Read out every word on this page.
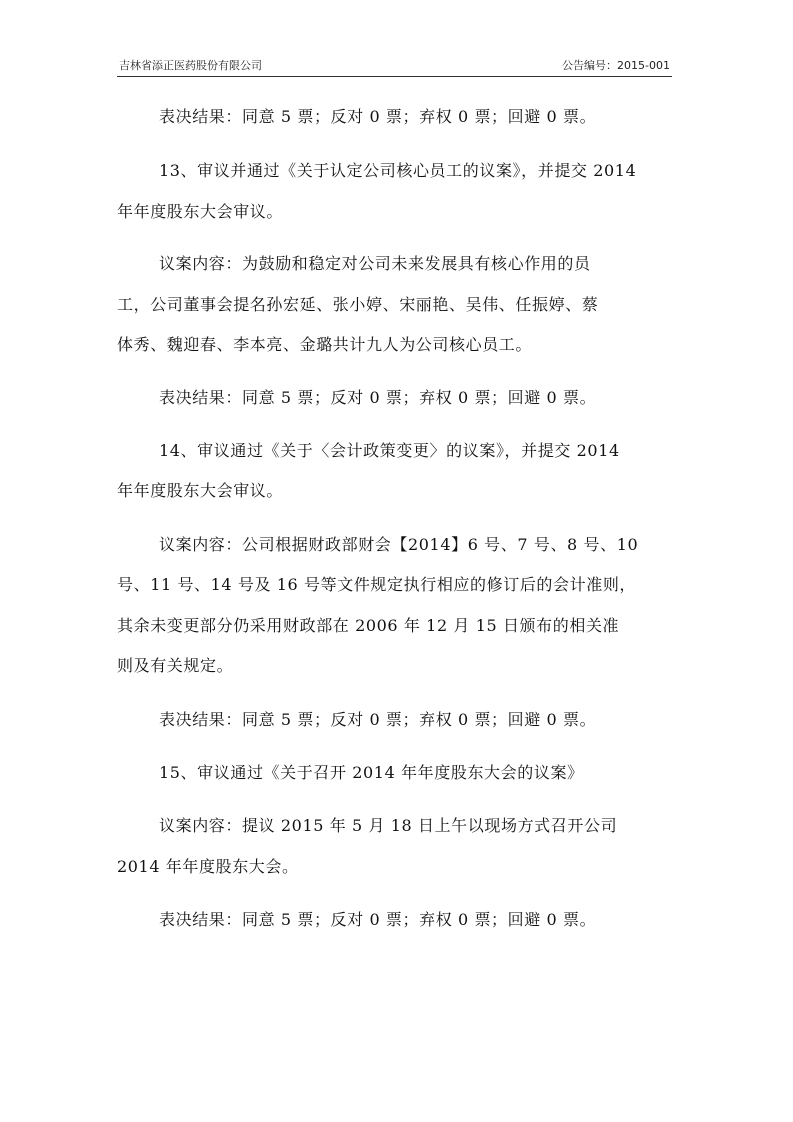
吉林省添正医药股份有限公司	公告编号：2015-001
表决结果：同意 5 票；反对 0 票；弃权 0 票；回避 0 票。
13、审议并通过《关于认定公司核心员工的议案》，并提交 2014
年年度股东大会审议。
议案内容：为鼓励和稳定对公司未来发展具有核心作用的员
工，公司董事会提名孙宏延、张小婷、宋丽艳、吴伟、任振婷、蔡
体秀、魏迎春、李本亮、金璐共计九人为公司核心员工。
表决结果：同意 5 票；反对 0 票；弃权 0 票；回避 0 票。
14、审议通过《关于〈会计政策变更〉的议案》，并提交 2014
年年度股东大会审议。
议案内容：公司根据财政部财会【2014】6 号、7 号、8 号、10
号、11 号、14 号及 16 号等文件规定执行相应的修订后的会计准则，
其余未变更部分仍采用财政部在 2006 年 12 月 15 日颁布的相关准
则及有关规定。
表决结果：同意 5 票；反对 0 票；弃权 0 票；回避 0 票。
15、审议通过《关于召开 2014 年年度股东大会的议案》
议案内容：提议 2015 年 5 月 18 日上午以现场方式召开公司
2014 年年度股东大会。
表决结果：同意 5 票；反对 0 票；弃权 0 票；回避 0 票。
